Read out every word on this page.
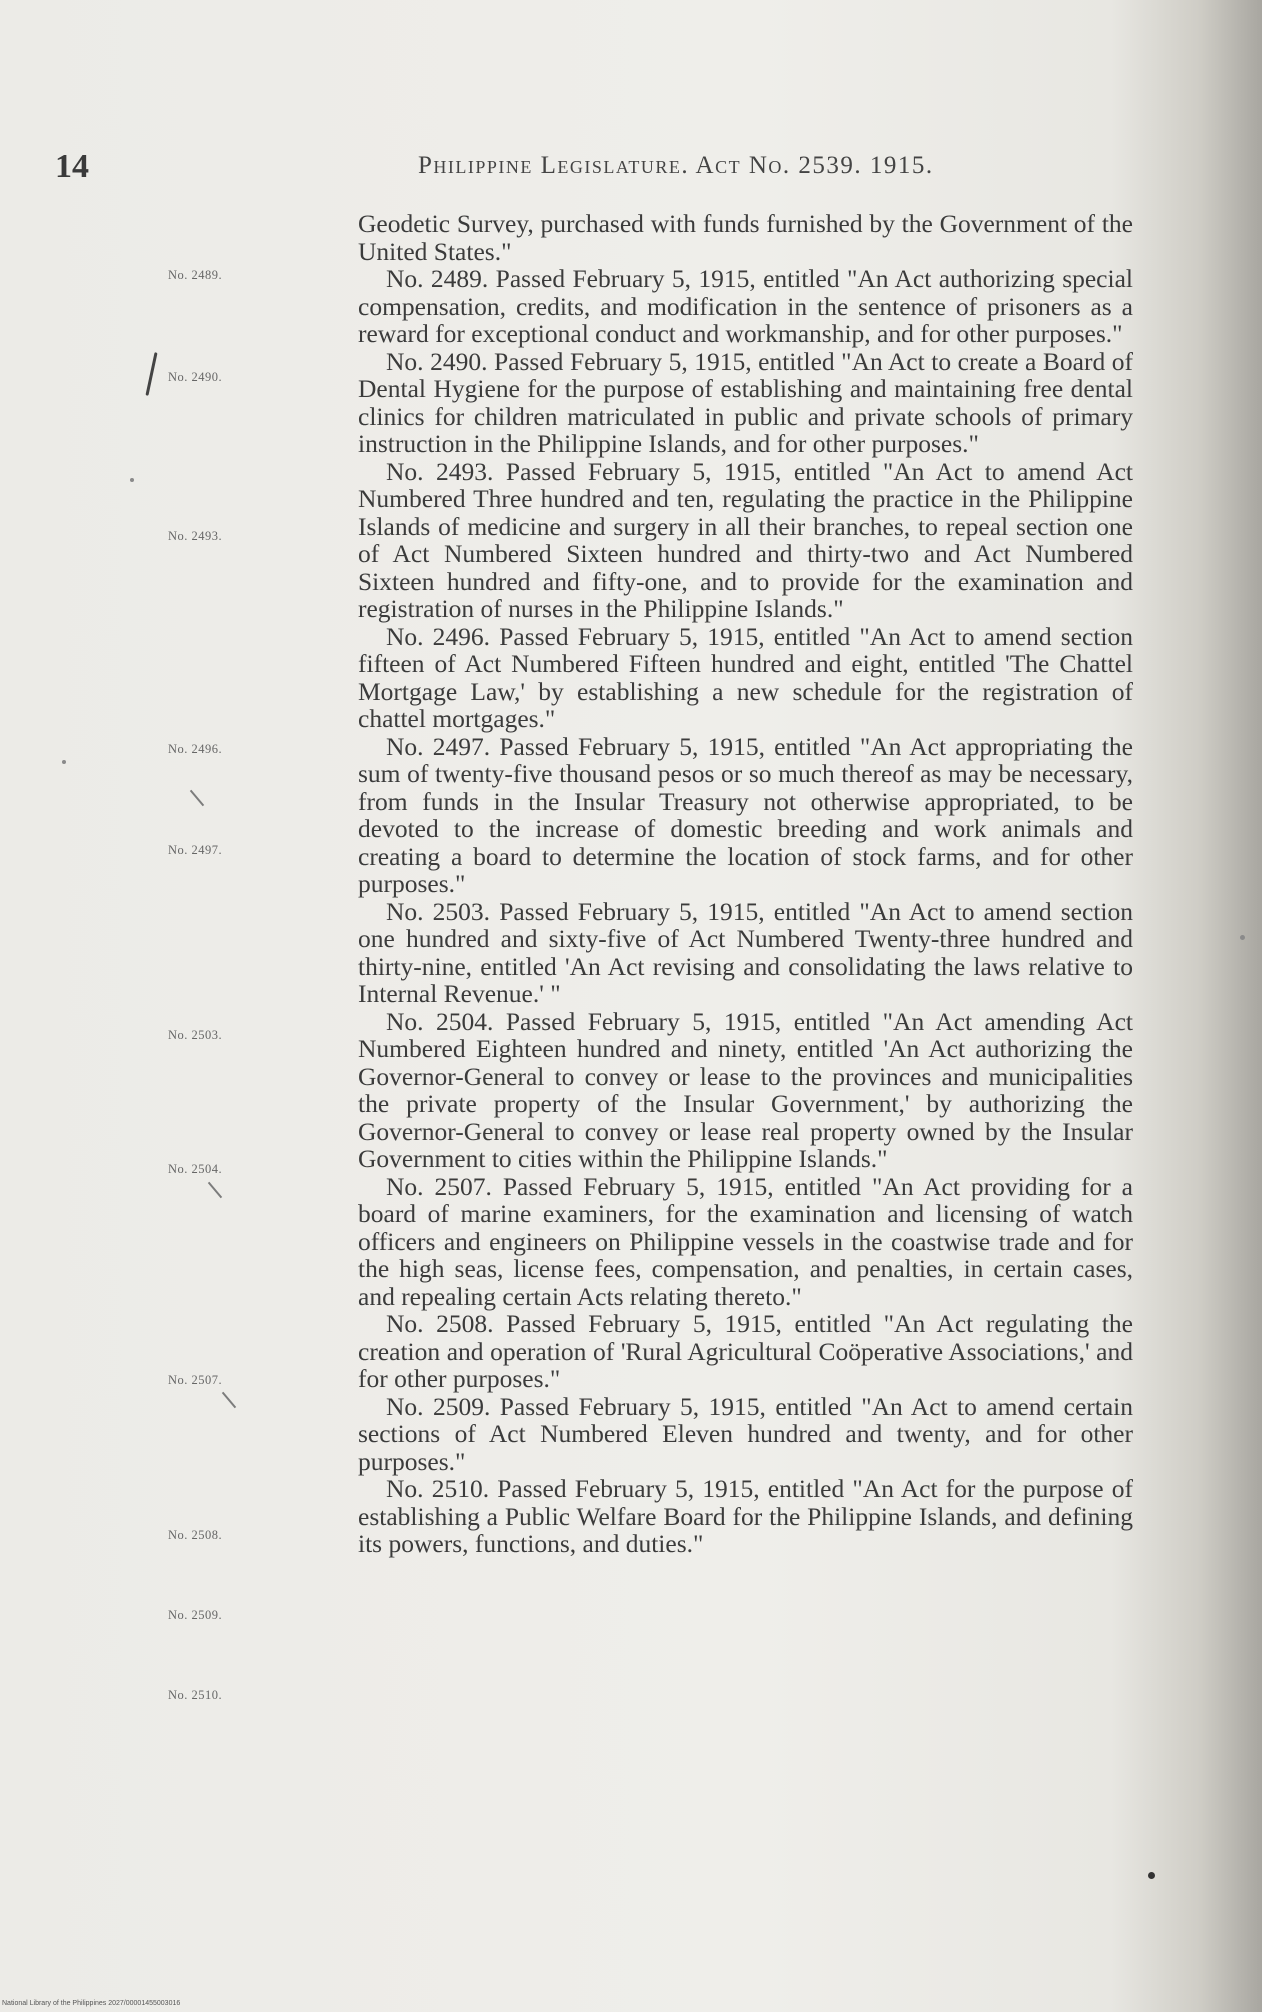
14	Philippine Legislature. Act No. 2539. 1915.
No. 2489.
No. 2490.
No. 2493.
No. 2496.
No. 2497.
No. 2503.
No. 2504.
No. 2507.
No. 2508.
No. 2509.
No. 2510.

Geodetic Survey, purchased with funds furnished by the Government of the United States."

No. 2489. Passed February 5, 1915, entitled "An Act authorizing special compensation, credits, and modification in the sentence of prisoners as a reward for exceptional conduct and workmanship, and for other purposes."

No. 2490. Passed February 5, 1915, entitled "An Act to create a Board of Dental Hygiene for the purpose of establishing and maintaining free dental clinics for children matriculated in public and private schools of primary instruction in the Philippine Islands, and for other purposes."

No. 2493. Passed February 5, 1915, entitled "An Act to amend Act Numbered Three hundred and ten, regulating the practice in the Philippine Islands of medicine and surgery in all their branches, to repeal section one of Act Numbered Sixteen hundred and thirty-two and Act Numbered Sixteen hundred and fifty-one, and to provide for the examination and registration of nurses in the Philippine Islands."

No. 2496. Passed February 5, 1915, entitled "An Act to amend section fifteen of Act Numbered Fifteen hundred and eight, entitled 'The Chattel Mortgage Law,' by establishing a new schedule for the registration of chattel mortgages."

No. 2497. Passed February 5, 1915, entitled "An Act appropriating the sum of twenty-five thousand pesos or so much thereof as may be necessary, from funds in the Insular Treasury not otherwise appropriated, to be devoted to the increase of domestic breeding and work animals and creating a board to determine the location of stock farms, and for other purposes."

No. 2503. Passed February 5, 1915, entitled "An Act to amend section one hundred and sixty-five of Act Numbered Twenty-three hundred and thirty-nine, entitled 'An Act revising and consolidating the laws relative to Internal Revenue.' "

No. 2504. Passed February 5, 1915, entitled "An Act amending Act Numbered Eighteen hundred and ninety, entitled 'An Act authorizing the Governor-General to convey or lease to the provinces and municipalities the private property of the Insular Government,' by authorizing the Governor-General to convey or lease real property owned by the Insular Government to cities within the Philippine Islands."

No. 2507. Passed February 5, 1915, entitled "An Act providing for a board of marine examiners, for the examination and licensing of watch officers and engineers on Philippine vessels in the coastwise trade and for the high seas, license fees, compensation, and penalties, in certain cases, and repealing certain Acts relating thereto."

No. 2508. Passed February 5, 1915, entitled "An Act regulating the creation and operation of 'Rural Agricultural Coöperative Associations,' and for other purposes."

No. 2509. Passed February 5, 1915, entitled "An Act to amend certain sections of Act Numbered Eleven hundred and twenty, and for other purposes."

No. 2510. Passed February 5, 1915, entitled "An Act for the purpose of establishing a Public Welfare Board for the Philippine Islands, and defining its powers, functions, and duties."

National Library of the Philippines 2027/00001455003016
